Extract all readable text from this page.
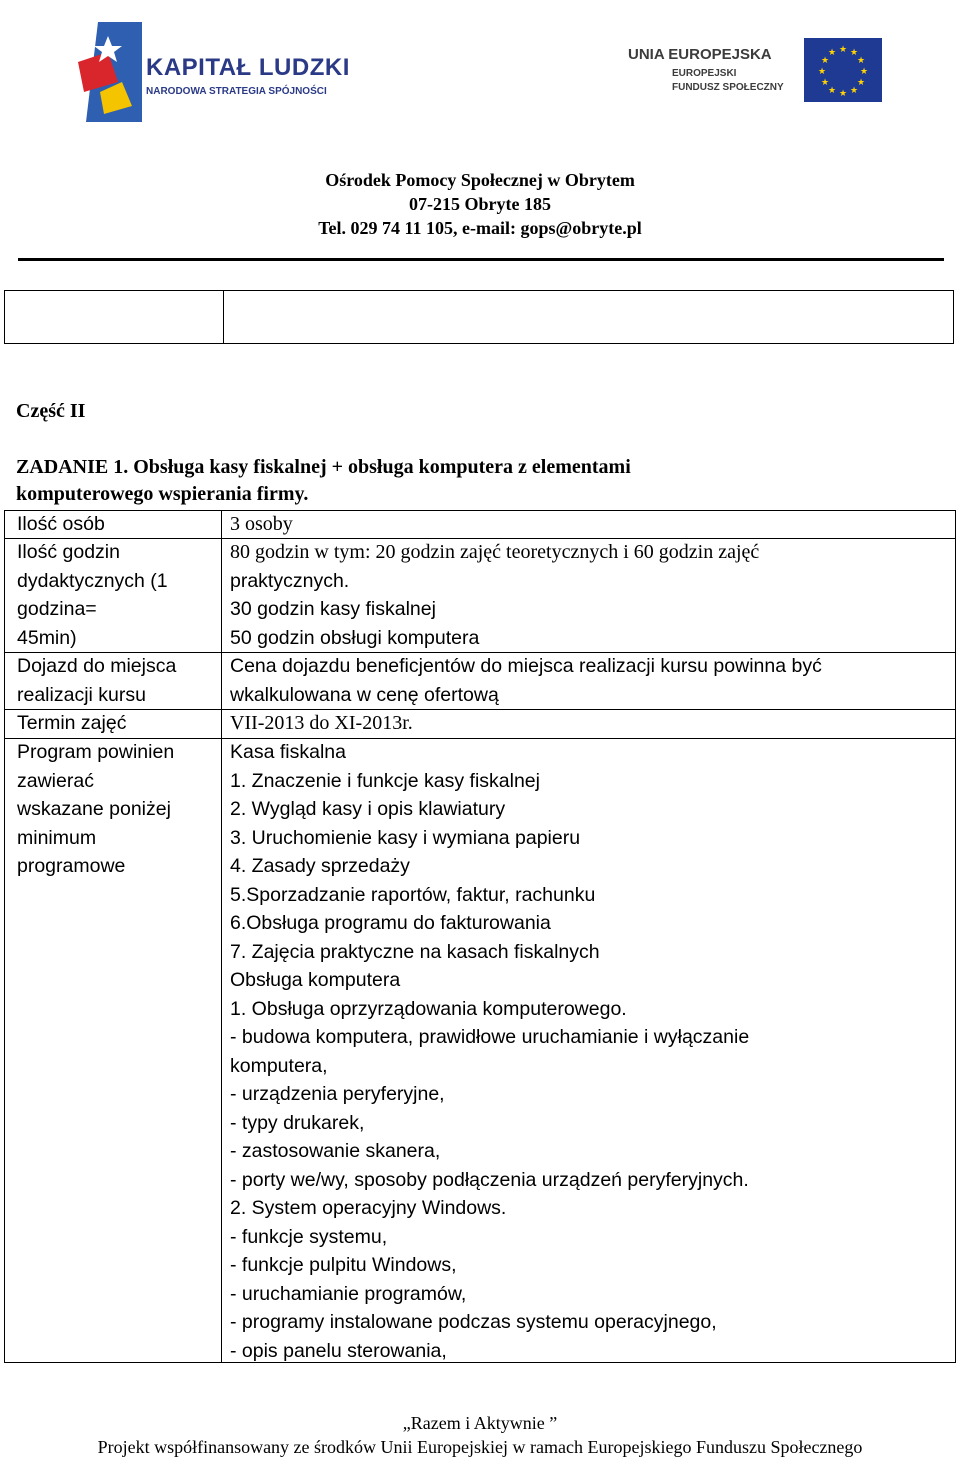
KAPITAŁ LUDZKI
NARODOWA STRATEGIA SPÓJNOŚCI
UNIA EUROPEJSKA
EUROPEJSKI
FUNDUSZ SPOŁECZNY
★ ★
★
★
★
★
★
★
★
★
★
★
Ośrodek Pomocy Społecznej w Obrytem
07-215 Obryte 185
Tel. 029 74 11 105, e-mail: gops@obryte.pl
Część II
ZADANIE 1. Obsługa kasy fiskalnej + obsługa komputera z elementami
komputerowego wspierania firmy.
Ilość osób	3 osoby
Ilość godzin
dydaktycznych (1
godzina=
45min)
80 godzin w tym: 20 godzin zajęć teoretycznych i 60 godzin zajęć
praktycznych.
30 godzin kasy fiskalnej
50 godzin obsługi komputera
Dojazd do miejsca
realizacji kursu
Cena dojazdu beneficjentów do miejsca realizacji kursu powinna być
wkalkulowana w cenę ofertową
Termin zajęć	VII-2013 do XI-2013r.
Program powinien
zawierać
wskazane poniżej
minimum
programowe
Kasa fiskalna
1. Znaczenie i funkcje kasy fiskalnej
2. Wygląd kasy i opis klawiatury
3. Uruchomienie kasy i wymiana papieru
4. Zasady sprzedaży
5.Sporzadzanie raportów, faktur, rachunku
6.Obsługa programu do fakturowania
7. Zajęcia praktyczne na kasach fiskalnych
Obsługa komputera
1. Obsługa oprzyrządowania komputerowego.
- budowa komputera, prawidłowe uruchamianie i wyłączanie
komputera,
- urządzenia peryferyjne,
- typy drukarek,
- zastosowanie skanera,
- porty we/wy, sposoby podłączenia urządzeń peryferyjnych.
2. System operacyjny Windows.
- funkcje systemu,
- funkcje pulpitu Windows,
- uruchamianie programów,
- programy instalowane podczas systemu operacyjnego,
- opis panelu sterowania,
„Razem i Aktywnie ”
Projekt współfinansowany ze środków Unii Europejskiej w ramach Europejskiego Funduszu Społecznego
